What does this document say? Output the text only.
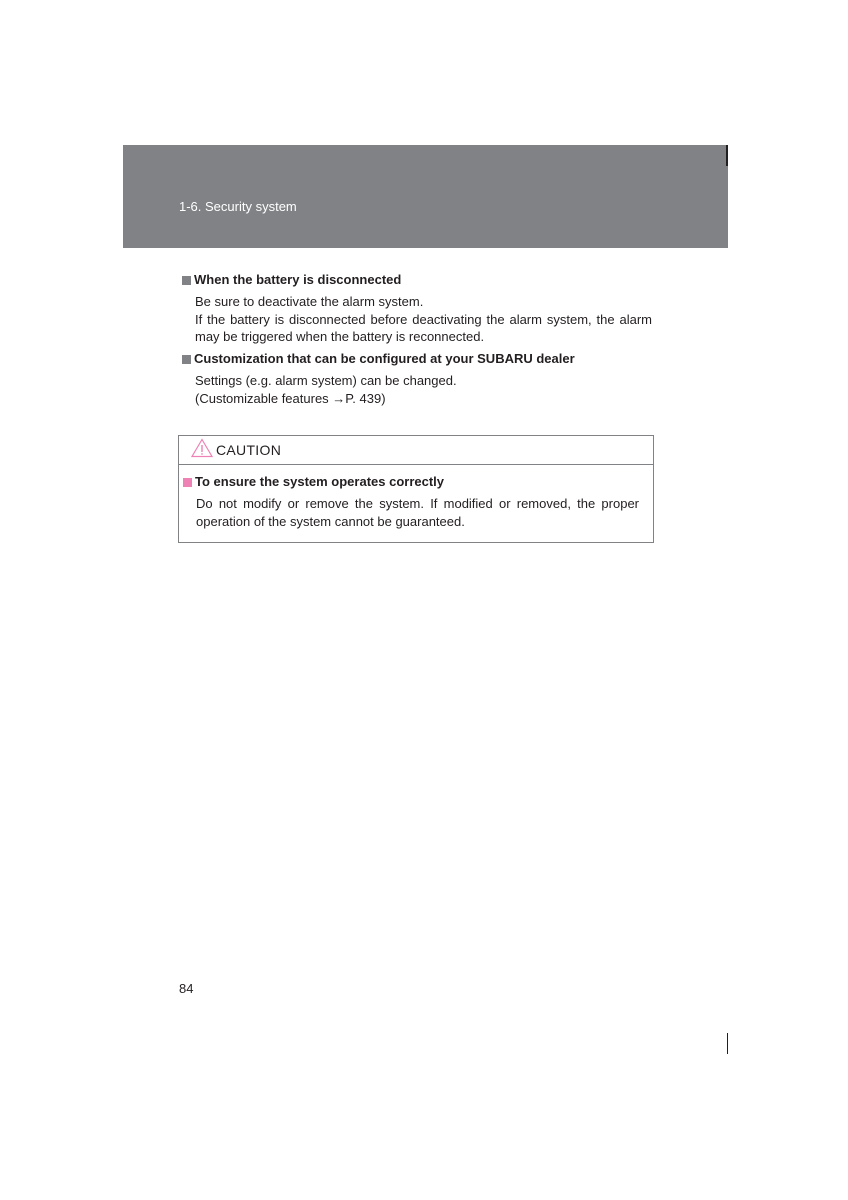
1-6. Security system
When the battery is disconnected

Be sure to deactivate the alarm system.

If the battery is disconnected before deactivating the alarm system, the alarm may be triggered when the battery is reconnected.

Customization that can be configured at your SUBARU dealer

Settings (e.g. alarm system) can be changed.

(Customizable features →P. 439)

CAUTION
To ensure the system operates correctly

Do not modify or remove the system. If modified or removed, the proper operation of the system cannot be guaranteed.

84
